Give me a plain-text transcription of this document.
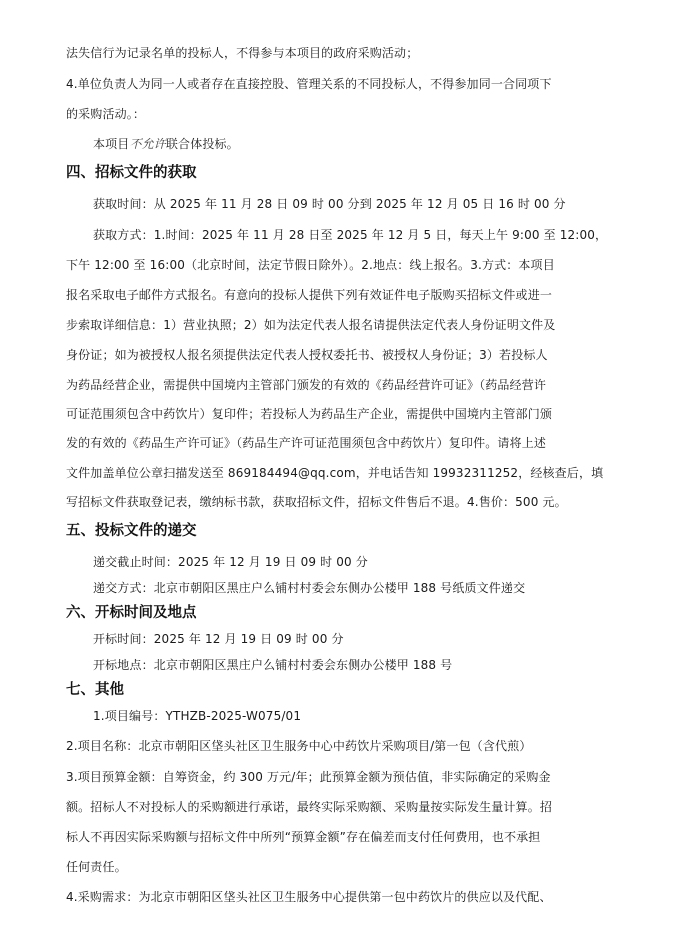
法失信行为记录名单的投标人，不得参与本项目的政府采购活动；
4.单位负责人为同一人或者存在直接控股、管理关系的不同投标人，不得参加同一合同项下
的采购活动。：
本项目不允许联合体投标。
四、招标文件的获取
获取时间：从 2025 年 11 月 28 日 09 时 00 分到 2025 年 12 月 05 日 16 时 00 分
获取方式：1.时间：2025 年 11 月 28 日至 2025 年 12 月 5 日，每天上午 9:00 至 12:00，
下午 12:00 至 16:00（北京时间，法定节假日除外）。2.地点：线上报名。3.方式：本项目
报名采取电子邮件方式报名。有意向的投标人提供下列有效证件电子版购买招标文件或进一
步索取详细信息：1）营业执照；2）如为法定代表人报名请提供法定代表人身份证明文件及
身份证；如为被授权人报名须提供法定代表人授权委托书、被授权人身份证；3）若投标人
为药品经营企业，需提供中国境内主管部门颁发的有效的《药品经营许可证》（药品经营许
可证范围须包含中药饮片）复印件；若投标人为药品生产企业，需提供中国境内主管部门颁
发的有效的《药品生产许可证》（药品生产许可证范围须包含中药饮片）复印件。请将上述
文件加盖单位公章扫描发送至 869184494@qq.com，并电话告知 19932311252，经核查后，填
写招标文件获取登记表，缴纳标书款，获取招标文件，招标文件售后不退。4.售价：500 元。
五、投标文件的递交
递交截止时间：2025 年 12 月 19 日 09 时 00 分
递交方式：北京市朝阳区黑庄户么铺村村委会东侧办公楼甲 188 号纸质文件递交
六、开标时间及地点
开标时间：2025 年 12 月 19 日 09 时 00 分
开标地点：北京市朝阳区黑庄户么铺村村委会东侧办公楼甲 188 号
七、其他
1.项目编号：YTHZB-2025-W075/01
2.项目名称：北京市朝阳区垡头社区卫生服务中心中药饮片采购项目/第一包（含代煎）
3.项目预算金额：自筹资金，约 300 万元/年；此预算金额为预估值，非实际确定的采购金
额。招标人不对投标人的采购额进行承诺，最终实际采购额、采购量按实际发生量计算。招
标人不再因实际采购额与招标文件中所列“预算金额”存在偏差而支付任何费用，也不承担
任何责任。
4.采购需求：为北京市朝阳区垡头社区卫生服务中心提供第一包中药饮片的供应以及代配、
